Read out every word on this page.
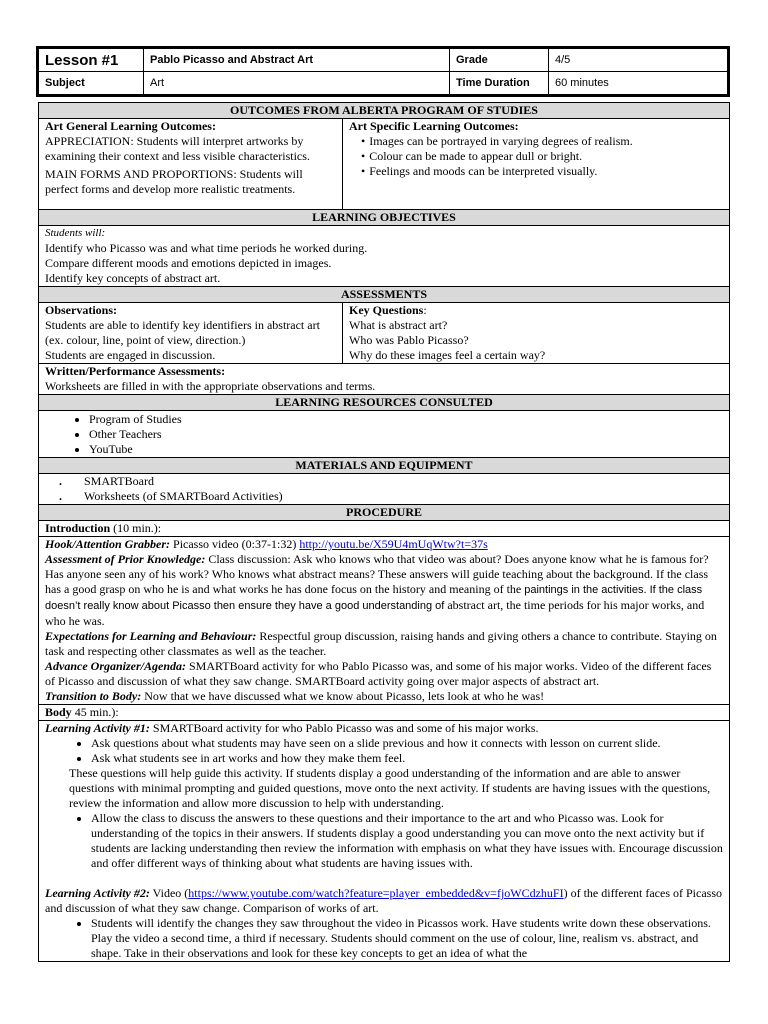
Lesson #1	Pablo Picasso and Abstract Art	Grade	4/5
Subject	Art	Time Duration	60 minutes
OUTCOMES FROM ALBERTA PROGRAM OF STUDIES
Art General Learning Outcomes:
APPRECIATION: Students will interpret artworks by examining their context and less visible characteristics.
MAIN FORMS AND PROPORTIONS: Students will perfect forms and develop more realistic treatments.
Art Specific Learning Outcomes:
• Images can be portrayed in varying degrees of realism.
• Colour can be made to appear dull or bright.
• Feelings and moods can be interpreted visually.
LEARNING OBJECTIVES
Students will:
Identify who Picasso was and what time periods he worked during.
Compare different moods and emotions depicted in images.
Identify key concepts of abstract art.
ASSESSMENTS
Observations:
Students are able to identify key identifiers in abstract art
(ex. colour, line, point of view, direction.)
Students are engaged in discussion.
Key Questions:
What is abstract art?
Who was Pablo Picasso?
Why do these images feel a certain way?
Written/Performance Assessments:
Worksheets are filled in with the appropriate observations and terms.
LEARNING RESOURCES CONSULTED
• Program of Studies
• Other Teachers
• YouTube
MATERIALS AND EQUIPMENT
. SMARTBoard
. Worksheets (of SMARTBoard Activities)
PROCEDURE
Introduction (10 min.):
Hook/Attention Grabber: Picasso video (0:37-1:32) http://youtu.be/X59U4mUqWtw?t=37s
Assessment of Prior Knowledge: Class discussion: Ask who knows who that video was about? Does anyone know what he is famous for? Has anyone seen any of his work? Who knows what abstract means? These answers will guide teaching about the background. If the class has a good grasp on who he is and what works he has done focus on the history and meaning of the paintings in the activities. If the class doesn’t really know about Picasso then ensure they have a good understanding of abstract art, the time periods for his major works, and who he was.
Expectations for Learning and Behaviour: Respectful group discussion, raising hands and giving others a chance to contribute. Staying on task and respecting other classmates as well as the teacher.
Advance Organizer/Agenda: SMARTBoard activity for who Pablo Picasso was, and some of his major works. Video of the different faces of Picasso and discussion of what they saw change. SMARTBoard activity going over major aspects of abstract art.
Transition to Body: Now that we have discussed what we know about Picasso, lets look at who he was!
Body 45 min.):
Learning Activity #1: SMARTBoard activity for who Pablo Picasso was and some of his major works.
• Ask questions about what students may have seen on a slide previous and how it connects with lesson on current slide.
• Ask what students see in art works and how they make them feel.
These questions will help guide this activity. If students display a good understanding of the information and are able to answer questions with minimal prompting and guided questions, move onto the next activity. If students are having issues with the questions, review the information and allow more discussion to help with understanding.
• Allow the class to discuss the answers to these questions and their importance to the art and who Picasso was. Look for understanding of the topics in their answers. If students display a good understanding you can move onto the next activity but if students are lacking understanding then review the information with emphasis on what they have issues with. Encourage discussion and offer different ways of thinking about what students are having issues with.
Learning Activity #2: Video (https://www.youtube.com/watch?feature=player_embedded&v=fjoWCdzhuFI) of the different faces of Picasso and discussion of what they saw change. Comparison of works of art.
• Students will identify the changes they saw throughout the video in Picassos work. Have students write down these observations. Play the video a second time, a third if necessary. Students should comment on the use of colour, line, realism vs. abstract, and shape. Take in their observations and look for these key concepts to get an idea of what the
